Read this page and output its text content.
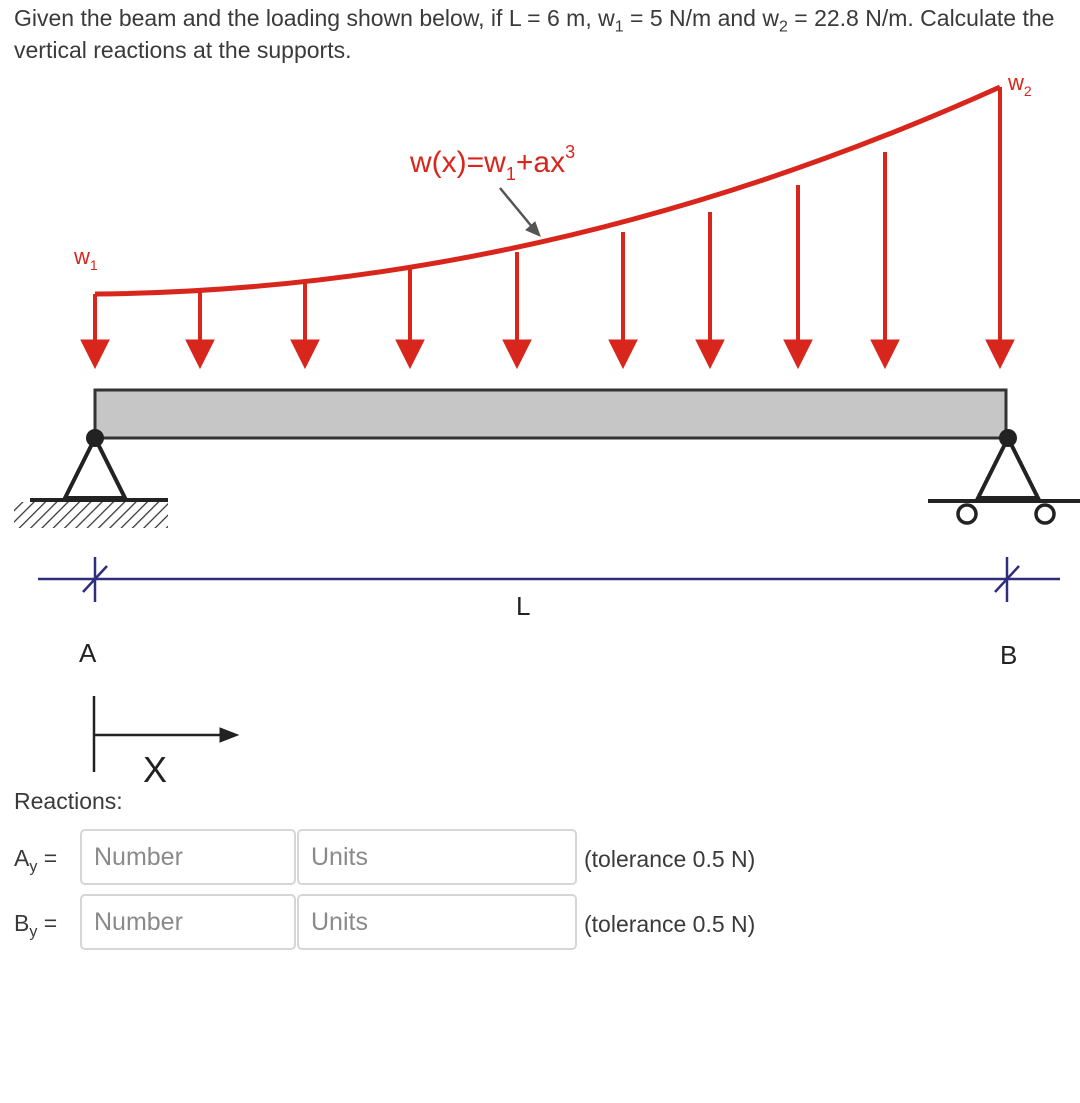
Given the beam and the loading shown below, if L = 6 m, $w_1 = 5$ N/m and $w_2 = 22.8$ N/m. Calculate the vertical reactions at the supports.
$w(x)=w_1+ax^3$
$w_1$
$w_2$
L
A	B
X
Reactions:
$A_y$ =
Number
Units	(tolerance 0.5 N)
$B_y$ =
Number
Units	(tolerance 0.5 N)
